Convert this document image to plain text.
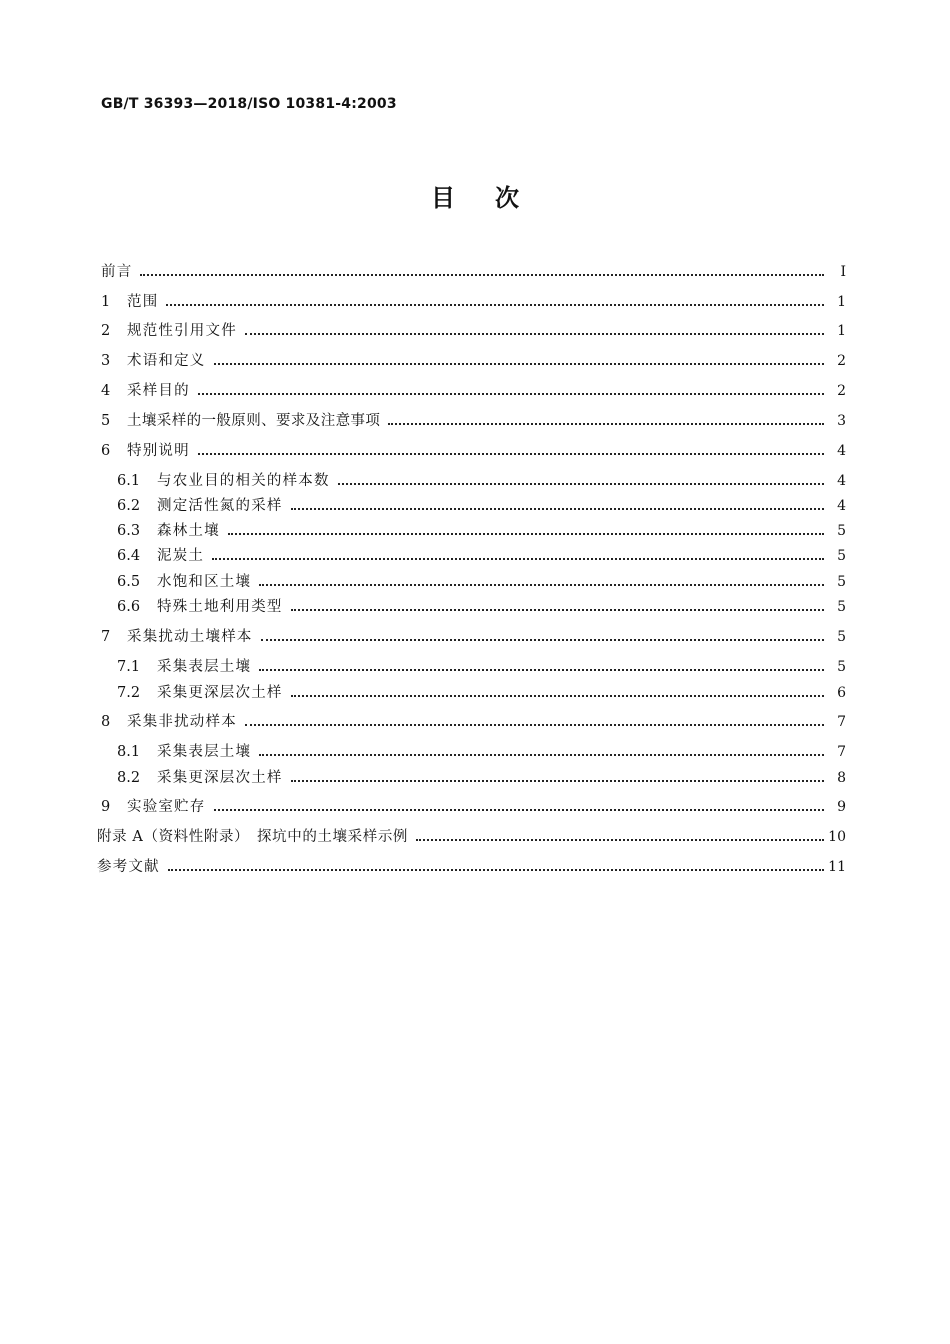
GB/T 36393—2018/ISO 10381-4:2003
目次
前言	I
1	范围	1
2	规范性引用文件	1
3	术语和定义	2
4	采样目的	2
5	土壤采样的一般原则、要求及注意事项	3
6	特别说明	4
6.1	与农业目的相关的样本数	4
6.2	测定活性氮的采样	4
6.3	森林土壤	5
6.4	泥炭土	5
6.5	水饱和区土壤	5
6.6	特殊土地利用类型	5
7	采集扰动土壤样本	5
7.1	采集表层土壤	5
7.2	采集更深层次土样	6
8	采集非扰动样本	7
8.1	采集表层土壤	7
8.2	采集更深层次土样	8
9	实验室贮存	9
附录 A（资料性附录）　探坑中的土壤采样示例	10
参考文献	11
